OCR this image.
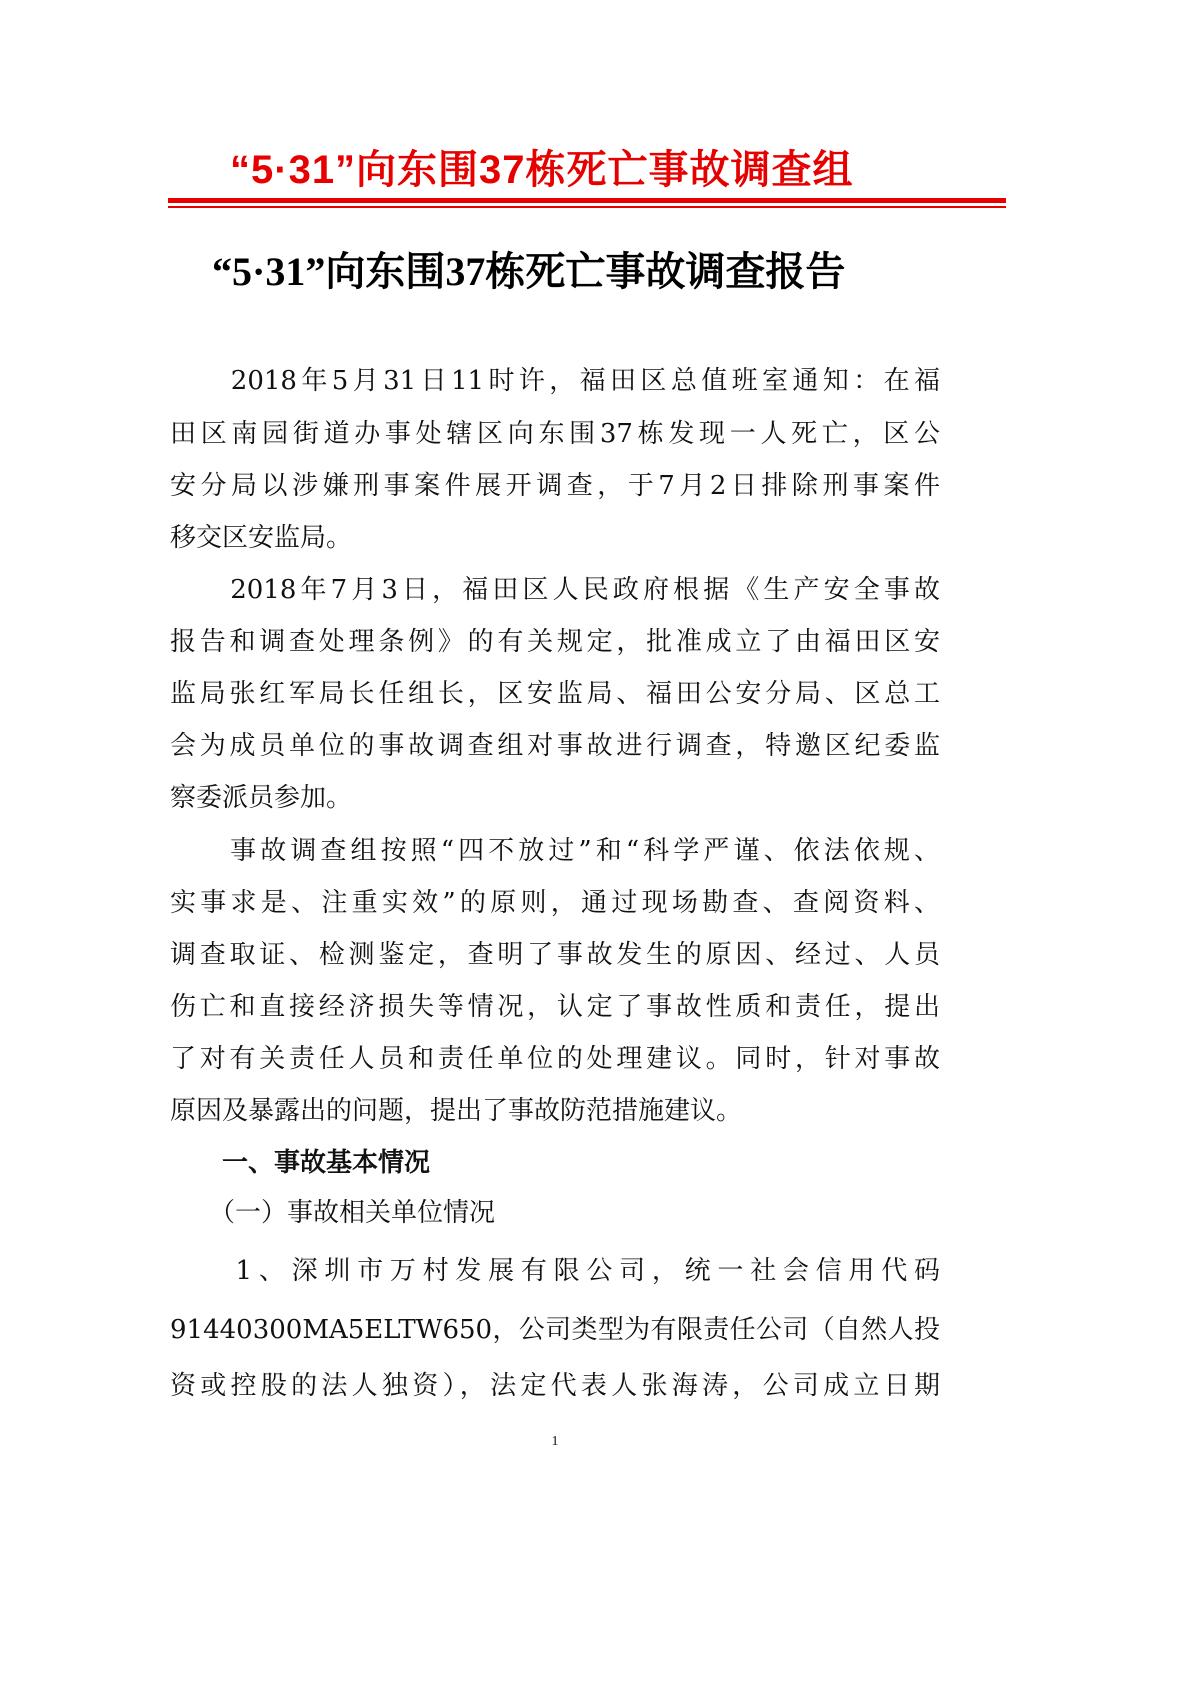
“5·31”向东围37栋死亡事故调查组
“5·31”向东围37栋死亡事故调查报告
　　2018年5月31日11时许，福田区总值班室通知：在福
田区南园街道办事处辖区向东围37栋发现一人死亡，区公
安分局以涉嫌刑事案件展开调查，于7月2日排除刑事案件
移交区安监局。
　　2018年7月3日，福田区人民政府根据《生产安全事故
报告和调查处理条例》的有关规定，批准成立了由福田区安
监局张红军局长任组长，区安监局、福田公安分局、区总工
会为成员单位的事故调查组对事故进行调查，特邀区纪委监
察委派员参加。
　　事故调查组按照“四不放过”和“科学严谨、依法依规、
实事求是、注重实效”的原则，通过现场勘查、查阅资料、
调查取证、检测鉴定，查明了事故发生的原因、经过、人员
伤亡和直接经济损失等情况，认定了事故性质和责任，提出
了对有关责任人员和责任单位的处理建议。同时，针对事故
原因及暴露出的问题，提出了事故防范措施建议。
　　一、事故基本情况
　　（一）事故相关单位情况
　　1、深圳市万村发展有限公司，统一社会信用代码
91440300MA5ELTW650，公司类型为有限责任公司（自然人投
资或控股的法人独资），法定代表人张海涛，公司成立日期
1
